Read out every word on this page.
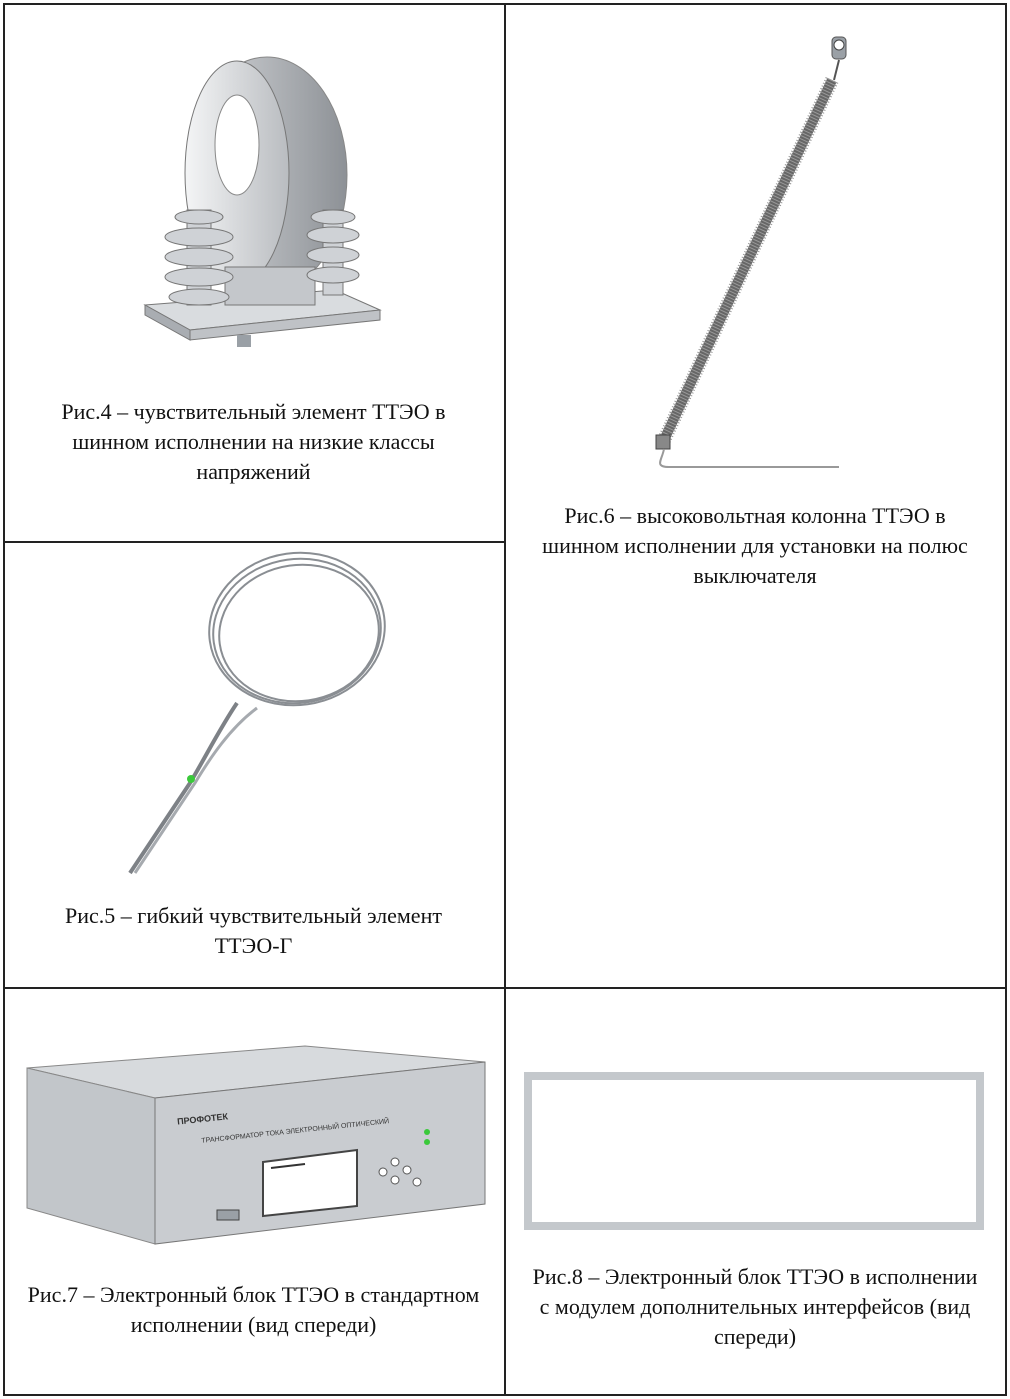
Рис.4 – чувствительный элемент ТТЭО в шинном исполнении на низкие классы напряжений
Рис.5 – гибкий чувствительный элемент ТТЭО-Г
Рис.6 – высоковольтная колонна ТТЭО в шинном исполнении для установки на полюс выключателя
ПРОФОТЕК
ТРАНСФОРМАТОР ТОКА ЭЛЕКТРОННЫЙ ОПТИЧЕСКИЙ
Рис.7 – Электронный блок ТТЭО в стандартном исполнении (вид спереди)
Рис.8 – Электронный блок ТТЭО в исполнении с модулем дополнительных интерфейсов (вид спереди)
